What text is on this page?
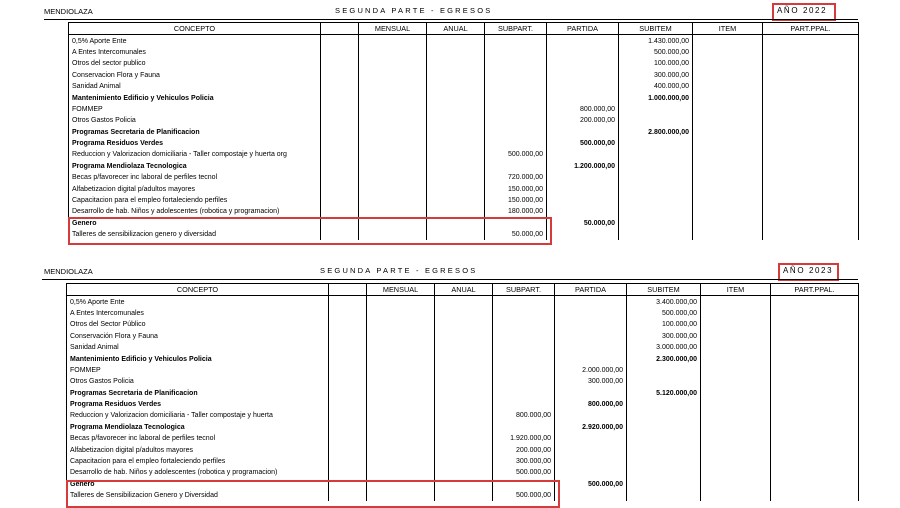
MENDIOLAZA	SEGUNDA PARTE - EGRESOS	AÑO 2022
CONCEPTO		MENSUAL	ANUAL	SUBPART.	PARTIDA	SUBITEM	ITEM	PART.PPAL.
0,5% Aporte Ente						1.430.000,00		
A Entes Intercomunales						500.000,00		
Otros del sector publico						100.000,00		
Conservacion Flora y Fauna						300.000,00		
Sanidad Animal						400.000,00		
Mantenimiento Edificio y Vehiculos Policia						1.000.000,00		
FOMMEP					800.000,00			
Otros Gastos Policia					200.000,00			
Programas Secretaria de Planificacion						2.800.000,00		
Programa Residuos Verdes					500.000,00			
Reduccion y Valorizacion domiciliaria - Taller compostaje y huerta org				500.000,00				
Programa Mendiolaza Tecnologica					1.200.000,00			
Becas p/favorecer inc laboral de perfiles tecnol				720.000,00				
Alfabetizacion digital p/adultos mayores				150.000,00				
Capacitacion para el empleo fortaleciendo perfiles				150.000,00				
Desarrollo de hab. Niños y adolescentes (robotica y programacion)				180.000,00				
Genero					50.000,00			
Talleres de sensibilizacion genero y diversidad				50.000,00				
MENDIOLAZA	SEGUNDA PARTE - EGRESOS	AÑO 2023
CONCEPTO		MENSUAL	ANUAL	SUBPART.	PARTIDA	SUBITEM	ITEM	PART.PPAL.
0,5% Aporte Ente						3.400.000,00		
A Entes Intercomunales						500.000,00		
Otros del Sector Público						100.000,00		
Conservación Flora y Fauna						300.000,00		
Sanidad Animal						3.000.000,00		
Mantenimiento Edificio y Vehiculos Policia						2.300.000,00		
FOMMEP					2.000.000,00			
Otros Gastos Policia					300.000,00			
Programas Secretaria de Planificacion						5.120.000,00		
Programa Residuos Verdes					800.000,00			
Reduccion y Valorizacion domiciliaria - Taller compostaje y huerta				800.000,00				
Programa Mendiolaza Tecnologica					2.920.000,00			
Becas p/favorecer inc laboral de perfiles tecnol				1.920.000,00				
Alfabetizacion digital p/adultos mayores				200.000,00				
Capacitacion para el empleo fortaleciendo perfiles				300.000,00				
Desarrollo de hab. Niños y adolescentes (robotica y programacion)				500.000,00				
Genero					500.000,00			
Talleres de Sensibilizacion Genero y Diversidad				500.000,00				
